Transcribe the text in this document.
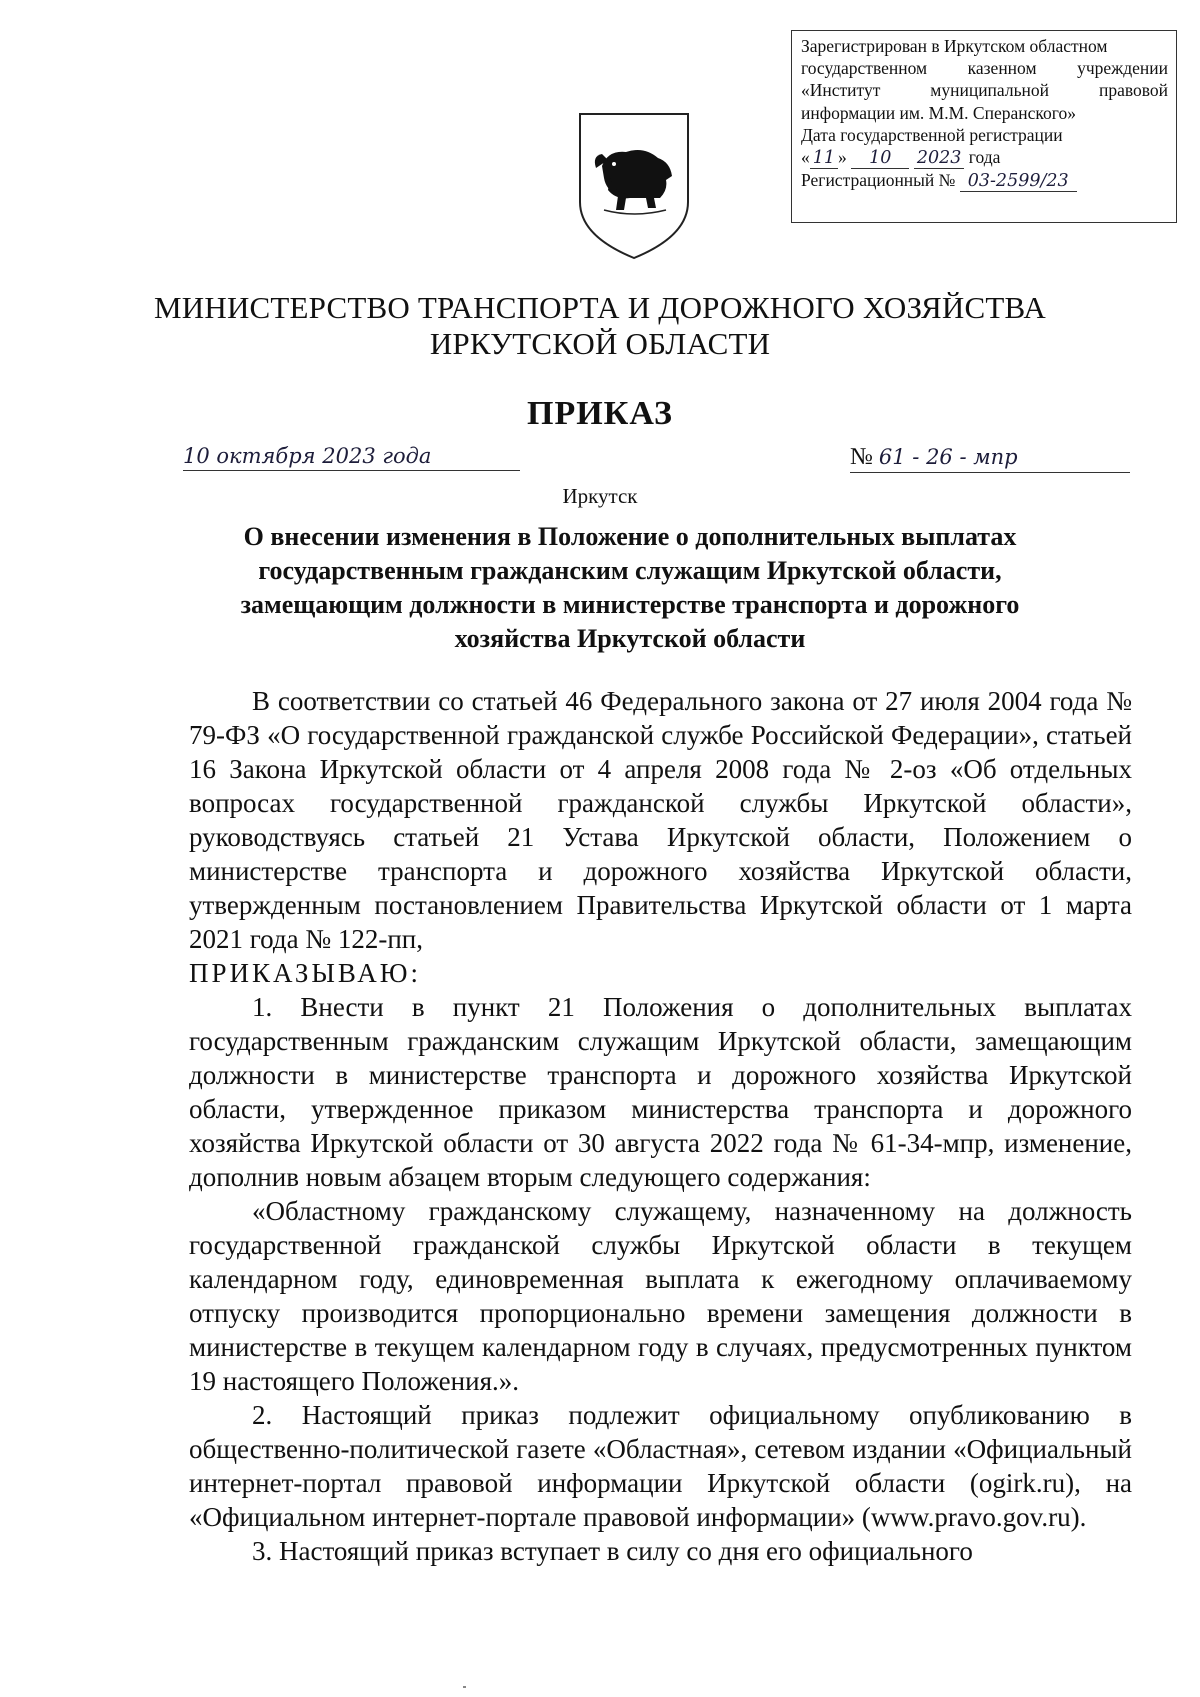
Зарегистрирован в Иркутском областном
государственном казенном учреждении
«Институт муниципальной правовой
информации им. М.М. Сперанского»
Дата государственной регистрации
« 11 » 10 2023 года
Регистрационный № 03-2599/23
МИНИСТЕРСТВО ТРАНСПОРТА И ДОРОЖНОГО ХОЗЯЙСТВА
ИРКУТСКОЙ ОБЛАСТИ
ПРИКАЗ
10 октября 2023 года	№ 61 - 26 - мпр
Иркутск
О внесении изменения в Положение о дополнительных выплатах
государственным гражданским служащим Иркутской области,
замещающим должности в министерстве транспорта и дорожного
хозяйства Иркутской области

В соответствии со статьей 46 Федерального закона от 27 июля 2004 года № 79-ФЗ «О государственной гражданской службе Российской Федерации», статьей 16 Закона Иркутской области от 4 апреля 2008 года № 2-оз «Об отдельных вопросах государственной гражданской службы Иркутской области», руководствуясь статьей 21 Устава Иркутской области, Положением о министерстве транспорта и дорожного хозяйства Иркутской области, утвержденным постановлением Правительства Иркутской области от 1 марта 2021 года № 122-пп,

ПРИКАЗЫВАЮ:

1. Внести в пункт 21 Положения о дополнительных выплатах государственным гражданским служащим Иркутской области, замещающим должности в министерстве транспорта и дорожного хозяйства Иркутской области, утвержденное приказом министерства транспорта и дорожного хозяйства Иркутской области от 30 августа 2022 года № 61-34-мпр, изменение, дополнив новым абзацем вторым следующего содержания:

«Областному гражданскому служащему, назначенному на должность государственной гражданской службы Иркутской области в текущем календарном году, единовременная выплата к ежегодному оплачиваемому отпуску производится пропорционально времени замещения должности в министерстве в текущем календарном году в случаях, предусмотренных пунктом 19 настоящего Положения.».

2. Настоящий приказ подлежит официальному опубликованию в общественно-политической газете «Областная», сетевом издании «Официальный интернет-портал правовой информации Иркутской области (ogirk.ru), на «Официальном интернет-портале правовой информации» (www.pravo.gov.ru).

3. Настоящий приказ вступает в силу со дня его официального
